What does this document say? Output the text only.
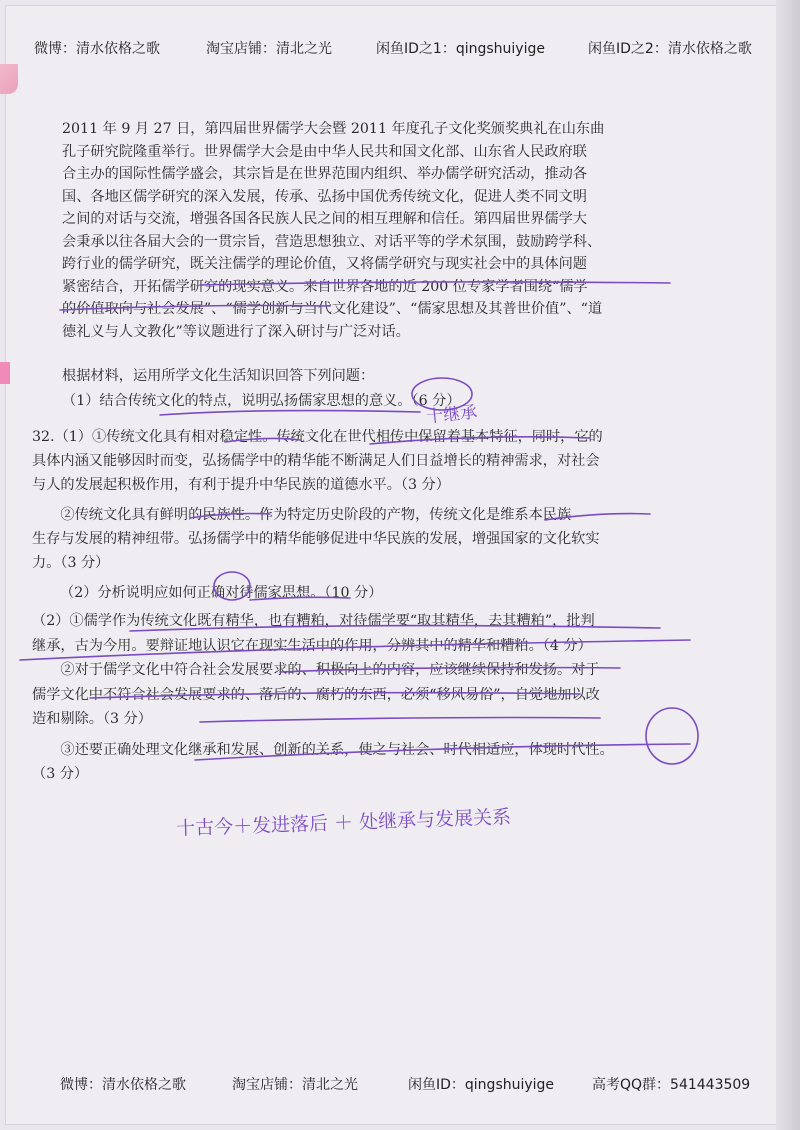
微博：清水依格之歌	淘宝店铺：清北之光	闲鱼ID之1：qingshuiyige	闲鱼ID之2：清水依格之歌
2011 年 9 月 27 日，第四届世界儒学大会暨 2011 年度孔子文化奖颁奖典礼在山东曲
孔子研究院隆重举行。世界儒学大会是由中华人民共和国文化部、山东省人民政府联
合主办的国际性儒学盛会，其宗旨是在世界范围内组织、举办儒学研究活动，推动各
国、各地区儒学研究的深入发展，传承、弘扬中国优秀传统文化，促进人类不同文明
之间的对话与交流，增强各国各民族人民之间的相互理解和信任。第四届世界儒学大
会秉承以往各届大会的一贯宗旨，营造思想独立、对话平等的学术氛围，鼓励跨学科、
跨行业的儒学研究，既关注儒学的理论价值，又将儒学研究与现实社会中的具体问题
紧密结合，开拓儒学研究的现实意义。来自世界各地的近 200 位专家学者围绕“儒学
的价值取向与社会发展”、“儒学创新与当代文化建设”、“儒家思想及其普世价值”、“道
德礼义与人文教化”等议题进行了深入研讨与广泛对话。
根据材料，运用所学文化生活知识回答下列问题：
（1）结合传统文化的特点，说明弘扬儒家思想的意义。（6 分）
32.（1）①传统文化具有相对稳定性。传统文化在世代相传中保留着基本特征，同时，它的
具体内涵又能够因时而变，弘扬儒学中的精华能不断满足人们日益增长的精神需求，对社会
与人的发展起积极作用，有利于提升中华民族的道德水平。（3 分）
　　②传统文化具有鲜明的民族性。作为特定历史阶段的产物，传统文化是维系本民族
生存与发展的精神纽带。弘扬儒学中的精华能够促进中华民族的发展，增强国家的文化软实
力。（3 分）
（2）分析说明应如何正确对待儒家思想。（10 分）
（2）①儒学作为传统文化既有精华，也有糟粕，对待儒学要“取其精华，去其糟粕”，批判
继承，古为今用。要辩证地认识它在现实生活中的作用，分辨其中的精华和糟粕。（4 分）
　　②对于儒学文化中符合社会发展要求的、积极向上的内容，应该继续保持和发扬。对于
儒学文化中不符合社会发展要求的、落后的、腐朽的东西，必须“移风易俗”，自觉地加以改
造和剔除。（3 分）
　　③还要正确处理文化继承和发展、创新的关系，使之与社会、时代相适应，体现时代性。
（3 分）
十继承
十古今＋发进落后 ＋ 处继承与发展关系
微博：清水依格之歌	淘宝店铺：清北之光	闲鱼ID：qingshuiyige	高考QQ群：541443509
